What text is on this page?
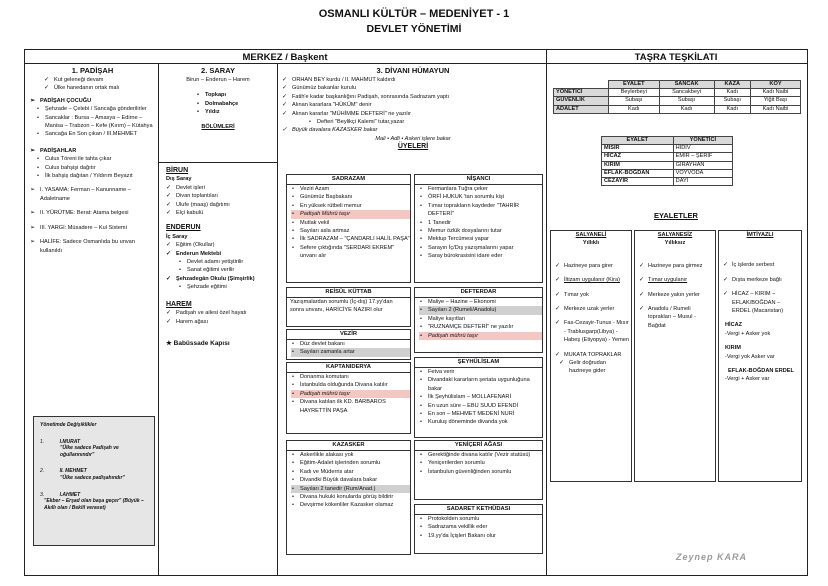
OSMANLI KÜLTÜR – MEDENİYET - 1
DEVLET YÖNETİMİ
MERKEZ / Başkent	TAŞRA TEŞKİLATI
1. PADİŞAH
✓ Kut geleneği devam
✓ Ülke hanedanın ortak malı
➢ PADİŞAH ÇOCUĞU
• Şehzade – Çelebi / Sancağa gönderilirler
• Sancaklar : Bursa – Amasya – Edirne – Manisa – Trabzon – Kefe (Kırım) – Kütahya
• Sancağa En Son çıkan / III.MEHMET
➢ PADİŞAHLAR
• Culus Töreni ile tahta çıkar
• Culus bahşişi dağıtır
• İlk bahşiş dağıtan / Yıldırım Beyazıt
➢ I. YASAMA: Ferman – Kanunname – Adaletname
➢ II. YÜRÜTME: Berat: Atama belgesi
➢ III. YARGI: Müsadere – Kul Sistemi
➢ HALİFE: Sadece Osmanlıda bu unvan kullanıldı
Yönetimde Değişiklikler
1.	I.MURAT
"Ülke sadece Padişah ve oğullarınındır"
2.	II. MEHMET
"Ülke sadece padişahındır"
3.	I.AHMET
"Ekber – Erşad olan başa geçer" (Büyük – Akıllı olan / Beklil veraset)
2. SARAY
Birun – Enderun – Harem
• Topkapı
• Dolmabahçe
• Yıldız
BÖLÜMLERİ
BİRUN
Dış Saray
✓ Devlet işleri
✓ Divan toplantıları
✓ Ulufe (maaş) dağıtımı
✓ Elçi kabulü
ENDERUN
İç Saray
✓ Eğitim (Okullar)
✓ Enderun Mektebi
• Devlet adamı yetiştirilir
• Sanat eğitimi verilir
✓ Şehzadegân Okulu (Şimşirlik)
• Şehzade eğitimi
HAREM
✓ Padişah ve ailesi özel hayatı
✓ Harem ağası
★ Babüssade Kapısı
3. DİVANI HÜMAYUN
✓ ORHAN BEY kurdu / II. MAHMUT kaldırdı
✓ Günümüz bakanlar kurulu
✓ Fatih'e kadar başkanlığını Padişah, sonrasında Sadrazam yaptı
✓ Alınan kararlara "HÜKÜM" denir
✓ Alınan kararlar "MÜHİMME DEFTERİ" ne yazılır
• Defteri "Beylikçi Kalemi" tutar,yazar
✓ Büyük davalara KAZASKER bakar
Mali • Adli • Askeri işlere bakar
ÜYELERİ
SADRAZAM
• Veziri Azam
• Günümüz Başbakanı
• En yüksek rütbeli memur
• Padişah Mührü taşır
• Mutlak vekil
• Sayıları asla artmaz
• İlk SADRAZAM – "ÇANDARLI HALİL PAŞA"
• Sefere çıktığında "SERDARI EKREM" unvanı alır
REİSÜL KÜTTAB
Yazışmalardan sorumlu (İç-dış) 17.yy'dan sonra unvanı, HARİCİYE NAZIRI olur
VEZİR
• Düz devlet bakanı
• Sayıları zamanla artar
KAPTANIDERYA
• Donanma komutanı
• İstanbulda olduğunda Divana katılır
• Padişah mührü taşır
• Divana katılan ilk KD. BARBAROS HAYRETTİN PAŞA
KAZASKER
• Askerlikle alakası yok
• Eğitim-Adalet işlerinden sorumlu
• Kadı ve Müderris atar
• Divandki Büyük davalara bakar
• Sayıları 2 tanedir (Rum/Anad.)
• Divana hukuki konularda görüş bildirir
• Devşirme kökenliler Kazasker olamaz
NİŞANCI
• Fermanlara Tuğra çeker
• ÖRFİ HUKUK 'tan sorumlu kişi
• Tımar toprakların kaydeder "TAHRİR DEFTERİ"
• 1 Tanedir
• Memur özlük dosyalarını tutar
• Mektup Tercümesi yapar
• Sarayın İç/Dış yazışmalarını yapar
• Saray bürokrasisini idare eder
DEFTERDAR
• Maliye – Hazine – Ekonomi
• Sayıları 2 (Rumeli/Anadolu)
• Maliye kayıtları
• "RUZNAMÇE DEFTERİ" ne yazılır
• Padişah mührü taşır
ŞEYHÜLİSLAM
• Fetva verir
• Divandaki kararların şeriata uygunluğuna bakar
• İlk Şeyhülislam – MOLLAFENARİ
• En uzun süre – EBU SUUD EFENDİ
• En son – MEHMET MEDENİ NURİ
• Kuruluş döneminde divanda yok
YENİÇERİ AĞASI
• Gerektiğinde divana katılır (Vezir statüsü)
• Yeniçerilerden sorumlu
• İstanbulun güvenliğinden sorumlu
SADARET KETHÜDASI
• Protokolden sorumlu
• Sadrazama vekillik eder
• 19.yy'da İçişleri Bakanı olur
	EYALET	SANCAK	KAZA	KÖY
YÖNETİCİ	Beylerbeyi	Sancakbeyi	Kadı	Kadı Naibi
GÜVENLİK	Subaşı	Subaşı	Subaşı	Yiğit Başı
ADALET	Kadı	Kadı	Kadı	Kadı Naibi
EYALET	YÖNETİCİ
MISIR	HIDİV
HİCAZ	EMİR – ŞERİF
KIRIM	GİRAYHAN
EFLAK-BOĞDAN	VOYVODA
CEZAYİR	DAYI
EYALETLER
SALYANELİ
Yıllıklı
✓ Hazineye para girer
✓ İltizam uygulanır (Kira)
✓ Tımar yok
✓ Merkeze uzak yerler
✓ Fas-Cezayir-Tunus - Mısır - Trablusgarp(Libya) - Habeş (Etiyopya) - Yemen
✓ MUKATA TOPRAKLAR
✓ Gelir doğrudan hazineye gider
SALYANESİZ
Yıllıksız
✓ Hazineye para girmez
✓ Tımar uygulanır
✓ Merkeze yakın yerler
✓ Anadolu / Rumeli toprakları – Musul - Bağdat
İMTİYAZLI
✓ İç işlerde serbest
✓ Dışta merkeze bağlı
✓ HİCAZ – KIRIM – EFLAK/BOĞDAN – ERDEL (Macaristan)
HİCAZ
-Vergi + Asker yok
KIRIM
-Vergi yok Asker var
EFLAK-BOĞDAN ERDEL
-Vergi + Asker var
Zeynep KARA
